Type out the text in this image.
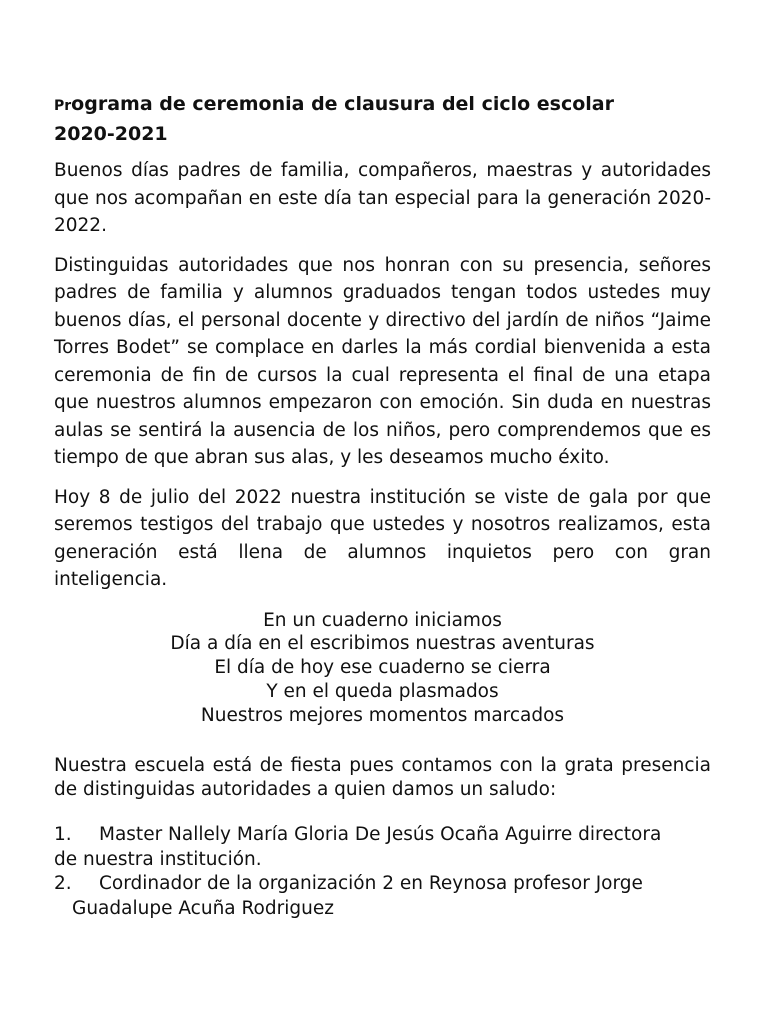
Programa de ceremonia de clausura del ciclo escolar
2020-2021

Buenos días padres de familia, compañeros, maestras y autoridades que nos acompañan en este día tan especial para la generación 2020-2022.

Distinguidas autoridades que nos honran con su presencia, señores padres de familia y alumnos graduados tengan todos ustedes muy buenos días, el personal docente y directivo del jardín de niños “Jaime Torres Bodet” se complace en darles la más cordial bienvenida a esta ceremonia de fin de cursos la cual representa el final de una etapa que nuestros alumnos empezaron con emoción. Sin duda en nuestras aulas se sentirá la ausencia de los niños, pero comprendemos que es tiempo de que abran sus alas, y les deseamos mucho éxito.

Hoy 8 de julio del 2022 nuestra institución se viste de gala por que seremos testigos del trabajo que ustedes y nosotros realizamos, esta generación está llena de alumnos inquietos pero con gran inteligencia.

En un cuaderno iniciamos
Día a día en el escribimos nuestras aventuras
El día de hoy ese cuaderno se cierra
Y en el queda plasmados
Nuestros mejores momentos marcados

Nuestra escuela está de fiesta pues contamos con la grata presencia de distinguidas autoridades a quien damos un saludo:

1. Master Nallely María Gloria De Jesús Ocaña Aguirre directora
de nuestra institución.
2. Cordinador de la organización 2 en Reynosa profesor Jorge
Guadalupe Acuña Rodriguez
